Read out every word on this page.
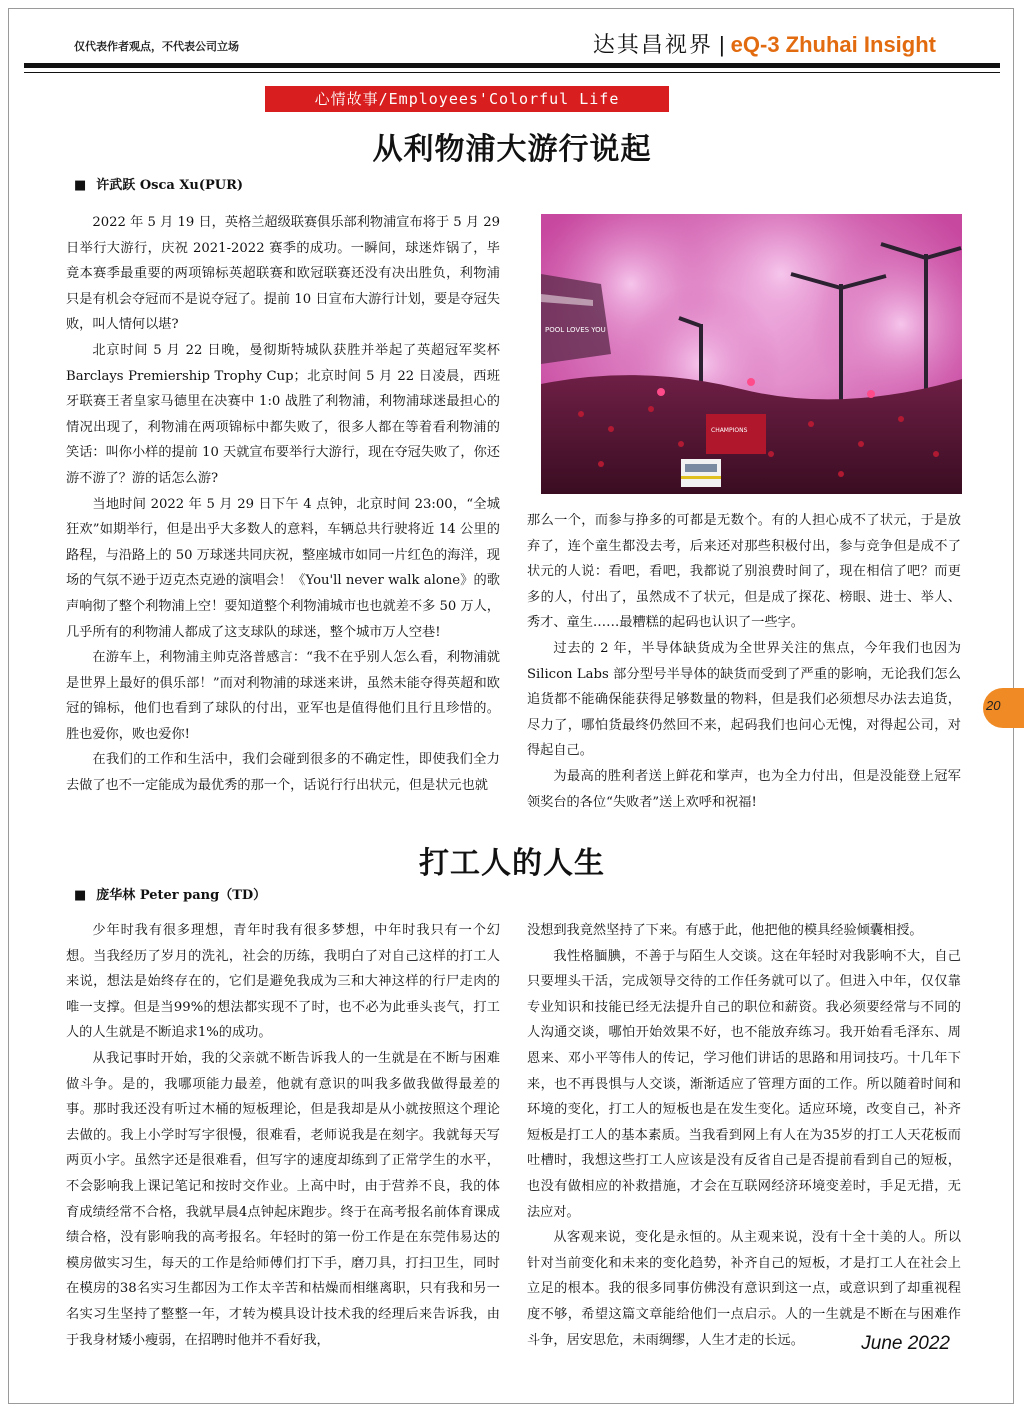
仅代表作者观点，不代表公司立场	达其昌视界 | eQ-3 Zhuhai Insight
心情故事/Employees'Colorful Life
从利物浦大游行说起
■ 许武跃 Osca Xu(PUR)

2022 年 5 月 19 日，英格兰超级联赛俱乐部利物浦宣布将于 5 月 29 日举行大游行，庆祝 2021-2022 赛季的成功。一瞬间，球迷炸锅了，毕竟本赛季最重要的两项锦标英超联赛和欧冠联赛还没有决出胜负，利物浦只是有机会夺冠而不是说夺冠了。提前 10 日宣布大游行计划，要是夺冠失败，叫人情何以堪?

北京时间 5 月 22 日晚，曼彻斯特城队获胜并举起了英超冠军奖杯 Barclays Premiership Trophy Cup；北京时间 5 月 22 日凌晨，西班牙联赛王者皇家马德里在决赛中 1:0 战胜了利物浦，利物浦球迷最担心的情况出现了，利物浦在两项锦标中都失败了，很多人都在等着看利物浦的笑话：叫你小样的提前 10 天就宣布要举行大游行，现在夺冠失败了，你还游不游了？游的话怎么游?

当地时间 2022 年 5 月 29 日下午 4 点钟，北京时间 23:00，“全城狂欢”如期举行，但是出乎大多数人的意料，车辆总共行驶将近 14 公里的路程，与沿路上的 50 万球迷共同庆祝，整座城市如同一片红色的海洋，现场的气氛不逊于迈克杰克逊的演唱会！《You'll never walk alone》的歌声响彻了整个利物浦上空！要知道整个利物浦城市也也就差不多 50 万人，几乎所有的利物浦人都成了这支球队的球迷，整个城市万人空巷!

在游车上，利物浦主帅克洛普感言：“我不在乎别人怎么看，利物浦就是世界上最好的俱乐部！”而对利物浦的球迷来讲，虽然未能夺得英超和欧冠的锦标，他们也看到了球队的付出，亚军也是值得他们且行且珍惜的。胜也爱你，败也爱你!

在我们的工作和生活中，我们会碰到很多的不确定性，即使我们全力去做了也不一定能成为最优秀的那一个，话说行行出状元，但是状元也就

POOL LOVES YOU
CHAMPIONS

那么一个，而参与挣多的可都是无数个。有的人担心成不了状元，于是放弃了，连个童生都没去考，后来还对那些积极付出，参与竞争但是成不了状元的人说：看吧，看吧，我都说了别浪费时间了，现在相信了吧？而更多的人，付出了，虽然成不了状元，但是成了探花、榜眼、进士、举人、秀才、童生……最糟糕的起码也认识了一些字。

过去的 2 年，半导体缺货成为全世界关注的焦点，今年我们也因为 Silicon Labs 部分型号半导体的缺货而受到了严重的影响，无论我们怎么追货都不能确保能获得足够数量的物料，但是我们必须想尽办法去追货，尽力了，哪怕货最终仍然回不来，起码我们也问心无愧，对得起公司，对得起自己。

为最高的胜利者送上鲜花和掌声，也为全力付出，但是没能登上冠军领奖台的各位“失败者”送上欢呼和祝福!

打工人的人生
■ 庞华林 Peter pang（TD）

少年时我有很多理想，青年时我有很多梦想，中年时我只有一个幻想。当我经历了岁月的洗礼，社会的历练，我明白了对自己这样的打工人来说，想法是始终存在的，它们是避免我成为三和大神这样的行尸走肉的唯一支撑。但是当99%的想法都实现不了时，也不必为此垂头丧气，打工人的人生就是不断追求1%的成功。

从我记事时开始，我的父亲就不断告诉我人的一生就是在不断与困难做斗争。是的，我哪项能力最差，他就有意识的叫我多做我做得最差的事。那时我还没有听过木桶的短板理论，但是我却是从小就按照这个理论去做的。我上小学时写字很慢，很难看，老师说我是在刻字。我就每天写两页小字。虽然字还是很难看，但写字的速度却练到了正常学生的水平，不会影响我上课记笔记和按时交作业。上高中时，由于营养不良，我的体育成绩经常不合格，我就早晨4点钟起床跑步。终于在高考报名前体育课成绩合格，没有影响我的高考报名。年轻时的第一份工作是在东莞伟易达的模房做实习生，每天的工作是给师傅们打下手，磨刀具，打扫卫生，同时在模房的38名实习生都因为工作太辛苦和枯燥而相继离职，只有我和另一名实习生坚持了整整一年，才转为模具设计技术我的经理后来告诉我，由于我身材矮小瘦弱，在招聘时他并不看好我，

没想到我竟然坚持了下来。有感于此，他把他的模具经验倾囊相授。

我性格腼腆，不善于与陌生人交谈。这在年轻时对我影响不大，自己只要埋头干活，完成领导交待的工作任务就可以了。但进入中年，仅仅靠专业知识和技能已经无法提升自己的职位和薪资。我必须要经常与不同的人沟通交谈，哪怕开始效果不好，也不能放弃练习。我开始看毛泽东、周恩来、邓小平等伟人的传记，学习他们讲话的思路和用词技巧。十几年下来，也不再畏惧与人交谈，渐渐适应了管理方面的工作。所以随着时间和环境的变化，打工人的短板也是在发生变化。适应环境，改变自己，补齐短板是打工人的基本素质。当我看到网上有人在为35岁的打工人天花板而吐槽时，我想这些打工人应该是没有反省自己是否提前看到自己的短板，也没有做相应的补救措施，才会在互联网经济环境变差时，手足无措，无法应对。

从客观来说，变化是永恒的。从主观来说，没有十全十美的人。所以针对当前变化和未来的变化趋势，补齐自己的短板，才是打工人在社会上立足的根本。我的很多同事仿佛没有意识到这一点，或意识到了却重视程度不够，希望这篇文章能给他们一点启示。人的一生就是不断在与困难作斗争，居安思危，未雨绸缪，人生才走的长远。

20
June 2022
